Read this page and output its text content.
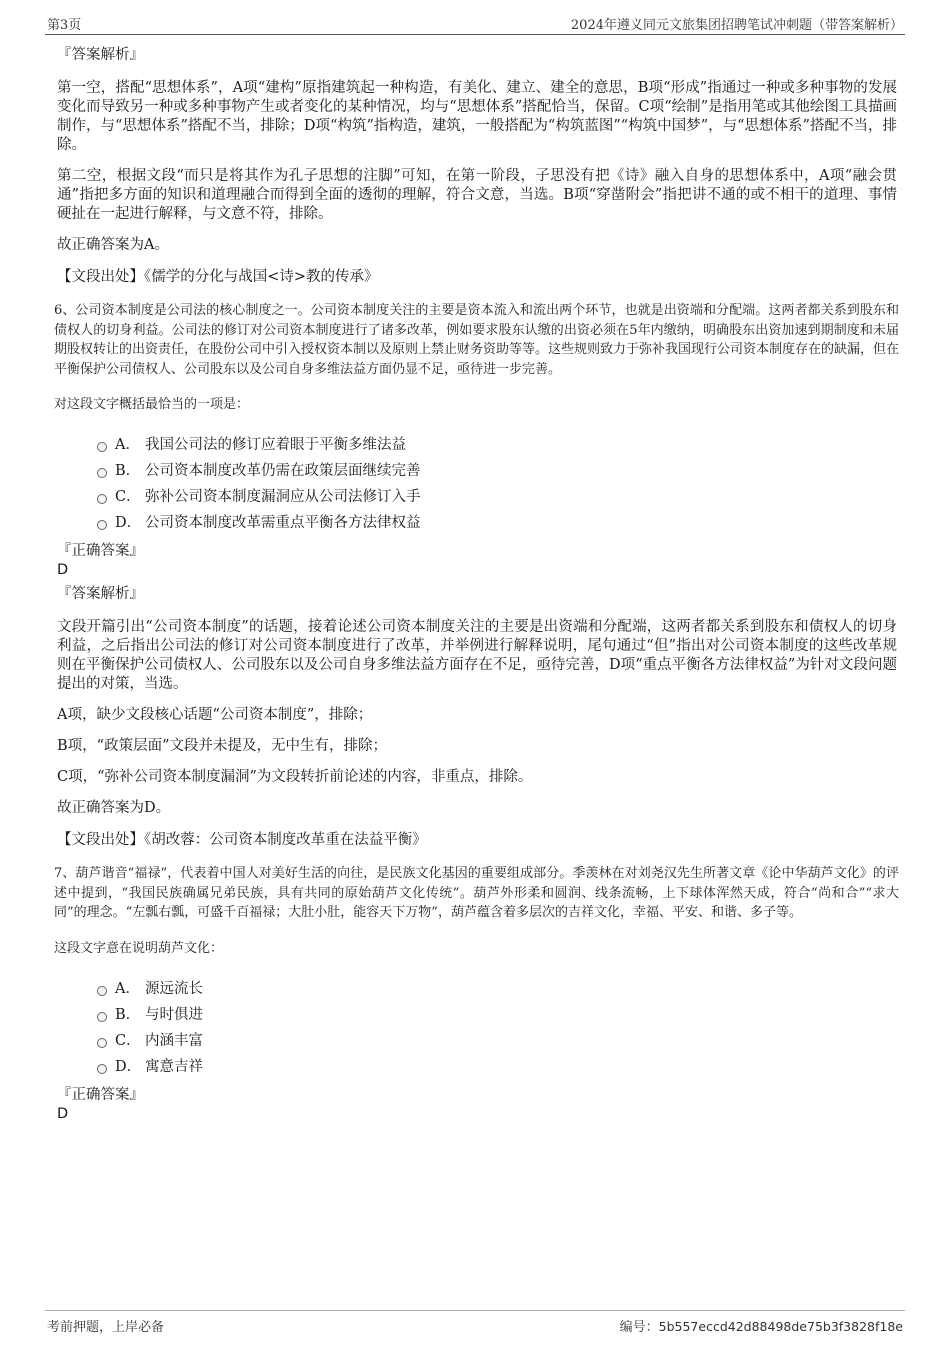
第3页	2024年遵义同元文旅集团招聘笔试冲刺题（带答案解析）

『答案解析』

第一空，搭配“思想体系”，A项“建构”原指建筑起一种构造，有美化、建立、建全的意思，B项“形成”指通过一种或多种事物的发展变化而导致另一种或多种事物产生或者变化的某种情况，均与“思想体系”搭配恰当，保留。C项“绘制”是指用笔或其他绘图工具描画制作，与“思想体系”搭配不当，排除；D项“构筑”指构造，建筑，一般搭配为“构筑蓝图”“构筑中国梦”，与“思想体系”搭配不当，排除。

第二空，根据文段“而只是将其作为孔子思想的注脚”可知，在第一阶段，子思没有把《诗》融入自身的思想体系中，A项“融会贯通”指把多方面的知识和道理融合而得到全面的透彻的理解，符合文意，当选。B项“穿凿附会”指把讲不通的或不相干的道理、事情硬扯在一起进行解释，与文意不符，排除。

故正确答案为A。

【文段出处】《儒学的分化与战国<诗>教的传承》

6、公司资本制度是公司法的核心制度之一。公司资本制度关注的主要是资本流入和流出两个环节，也就是出资端和分配端。这两者都关系到股东和债权人的切身利益。公司法的修订对公司资本制度进行了诸多改革，例如要求股东认缴的出资必须在5年内缴纳，明确股东出资加速到期制度和未届期股权转让的出资责任，在股份公司中引入授权资本制以及原则上禁止财务资助等等。这些规则致力于弥补我国现行公司资本制度存在的缺漏，但在平衡保护公司债权人、公司股东以及公司自身多维法益方面仍显不足，亟待进一步完善。

对这段文字概括最恰当的一项是：

A． 我国公司法的修订应着眼于平衡多维法益
B． 公司资本制度改革仍需在政策层面继续完善
C． 弥补公司资本制度漏洞应从公司法修订入手
D． 公司资本制度改革需重点平衡各方法律权益

『正确答案』

D

『答案解析』

文段开篇引出“公司资本制度”的话题，接着论述公司资本制度关注的主要是出资端和分配端，这两者都关系到股东和债权人的切身利益，之后指出公司法的修订对公司资本制度进行了改革，并举例进行解释说明，尾句通过“但”指出对公司资本制度的这些改革规则在平衡保护公司债权人、公司股东以及公司自身多维法益方面存在不足，亟待完善，D项“重点平衡各方法律权益”为针对文段问题提出的对策，当选。

A项，缺少文段核心话题“公司资本制度”，排除；

B项，“政策层面”文段并未提及，无中生有，排除；

C项，“弥补公司资本制度漏洞”为文段转折前论述的内容，非重点，排除。

故正确答案为D。

【文段出处】《胡改蓉：公司资本制度改革重在法益平衡》

7、葫芦谐音“福禄”，代表着中国人对美好生活的向往，是民族文化基因的重要组成部分。季羡林在对刘尧汉先生所著文章《论中华葫芦文化》的评述中提到，“我国民族确属兄弟民族，具有共同的原始葫芦文化传统”。葫芦外形柔和圆润、线条流畅，上下球体浑然天成，符合“尚和合”“求大同”的理念。“左瓢右瓢，可盛千百福禄；大肚小肚，能容天下万物”，葫芦蕴含着多层次的吉祥文化，幸福、平安、和谐、多子等。

这段文字意在说明葫芦文化：

A． 源远流长
B． 与时俱进
C． 内涵丰富
D． 寓意吉祥

『正确答案』

D

考前押题，上岸必备	编号：5b557eccd42d88498de75b3f3828f18e
